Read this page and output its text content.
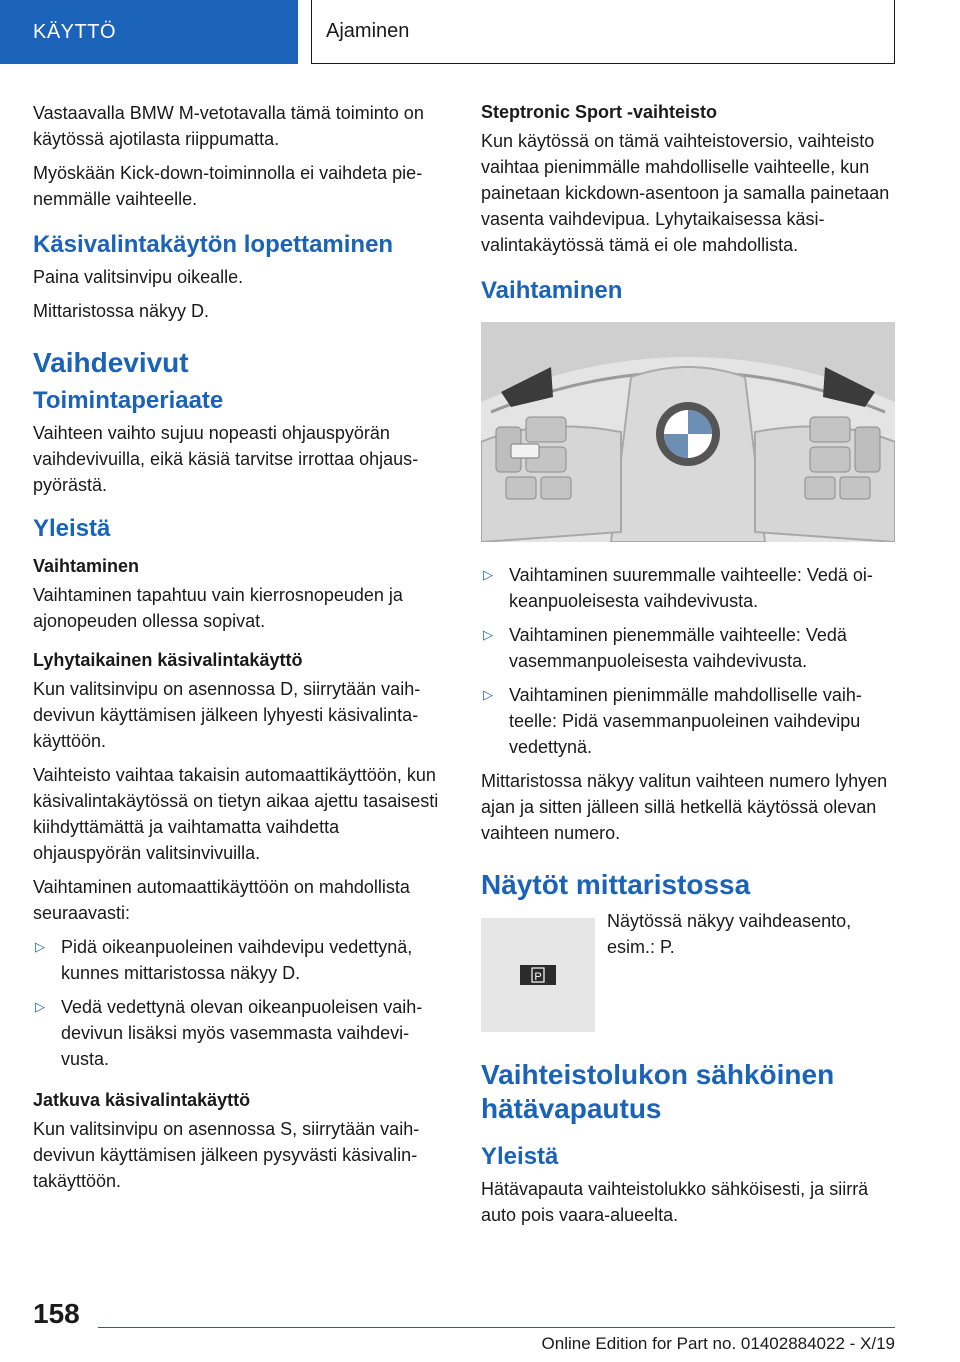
KÄYTTÖ	Ajaminen

Vastaavalla BMW M-vetotavalla tämä toiminto on käytössä ajotilasta riippumatta.

Myöskään Kick-down-toiminnolla ei vaihdeta pienemmälle vaihteelle.

Käsivalintakäytön lopettaminen

Paina valitsinvipu oikealle.

Mittaristossa näkyy D.

Vaihdevivut
Toimintaperiaate

Vaihteen vaihto sujuu nopeasti ohjauspyörän vaihdevivuilla, eikä käsiä tarvitse irrottaa ohjauspyörästä.

Yleistä
Vaihtaminen

Vaihtaminen tapahtuu vain kierrosnopeuden ja ajonopeuden ollessa sopivat.

Lyhytaikainen käsivalintakäyttö

Kun valitsinvipu on asennossa D, siirrytään vaihdevivun käyttämisen jälkeen lyhyesti käsivalintakäyttöön.

Vaihteisto vaihtaa takaisin automaattikäyttöön, kun käsivalintakäytössä on tietyn aikaa ajettu tasaisesti kiihdyttämättä ja vaihtamatta vaihdetta ohjauspyörän valitsinvivuilla.

Vaihtaminen automaattikäyttöön on mahdollista seuraavasti:

▷ Pidä oikeanpuoleinen vaihdevipu vedettynä, kunnes mittaristossa näkyy D.
▷ Vedä vedettynä olevan oikeanpuoleisen vaihdevivun lisäksi myös vasemmasta vaihdevivusta.
Jatkuva käsivalintakäyttö

Kun valitsinvipu on asennossa S, siirrytään vaihdevivun käyttämisen jälkeen pysyvästi käsivalintakäyttöön.

Steptronic Sport -vaihteisto

Kun käytössä on tämä vaihteistoversio, vaihteisto vaihtaa pienimmälle mahdolliselle vaihteelle, kun painetaan kickdown-asentoon ja samalla painetaan vasenta vaihdevipua. Lyhytaikaisessa käsivalintakäytössä tämä ei ole mahdollista.

Vaihtaminen
▷ Vaihtaminen suuremmalle vaihteelle: Vedä oikeanpuoleisesta vaihdevivusta.
▷ Vaihtaminen pienemmälle vaihteelle: Vedä vasemmanpuoleisesta vaihdevivusta.
▷ Vaihtaminen pienimmälle mahdolliselle vaihteelle: Pidä vasemmanpuoleinen vaihdevipu vedettynä.

Mittaristossa näkyy valitun vaihteen numero lyhyen ajan ja sitten jälleen sillä hetkellä käytössä olevan vaihteen numero.

Näytöt mittaristossa
P

Näytössä näkyy vaihdeasento, esim.: P.

Vaihteistolukon sähköinen hätävapautus
Yleistä

Hätävapauta vaihteistolukko sähköisesti, ja siirrä auto pois vaara-alueelta.

158
Online Edition for Part no. 01402884022 - X/19
